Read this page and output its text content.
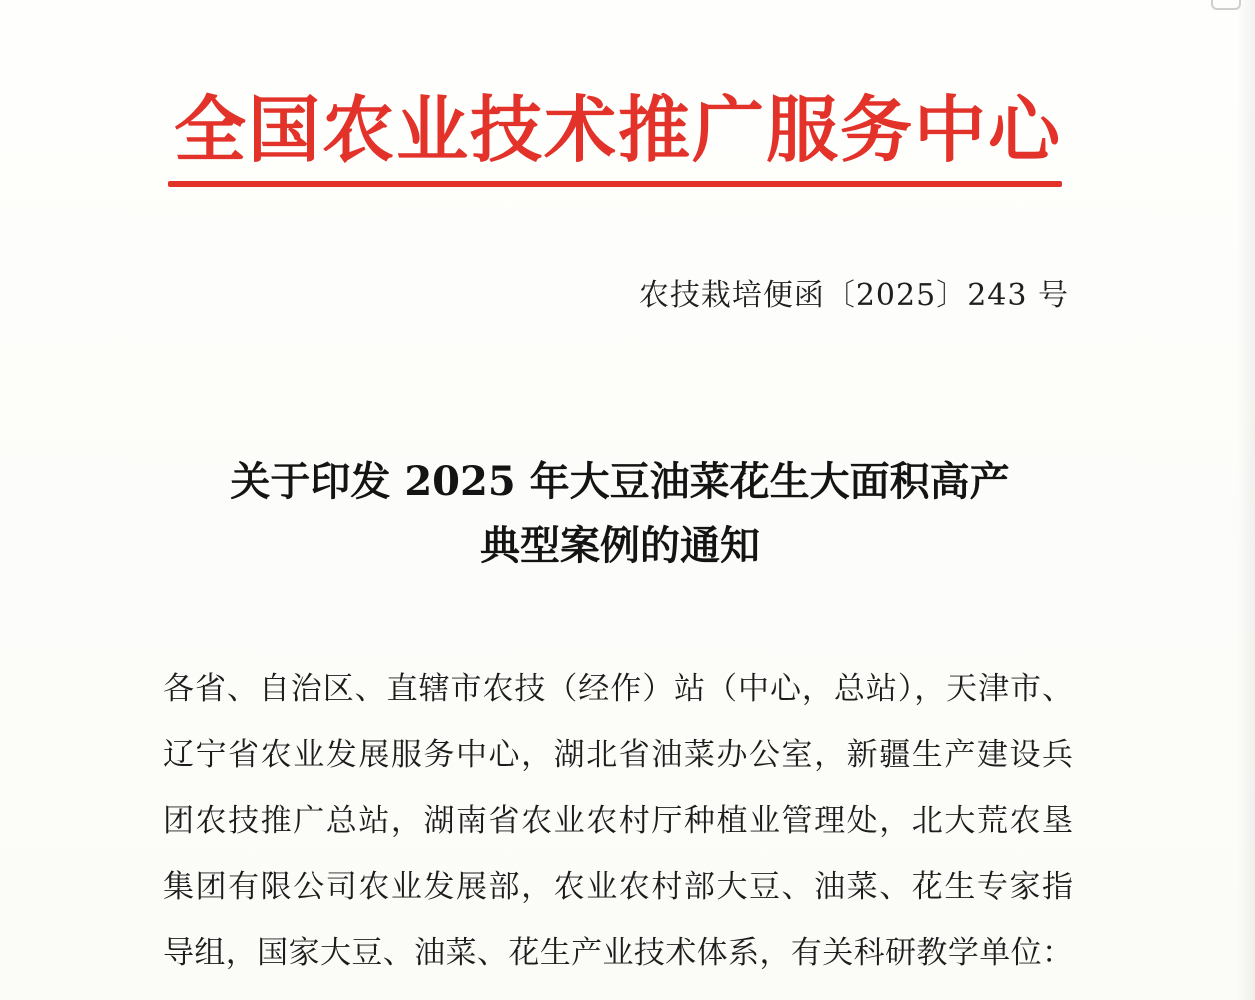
全国农业技术推广服务中心
农技栽培便函〔2025〕243 号
关于印发 2025 年大豆油菜花生大面积高产
典型案例的通知
各省、自治区、直辖市农技（经作）站（中心，总站），天津市、
辽宁省农业发展服务中心，湖北省油菜办公室，新疆生产建设兵
团农技推广总站，湖南省农业农村厅种植业管理处，北大荒农垦
集团有限公司农业发展部，农业农村部大豆、油菜、花生专家指
导组，国家大豆、油菜、花生产业技术体系，有关科研教学单位：
